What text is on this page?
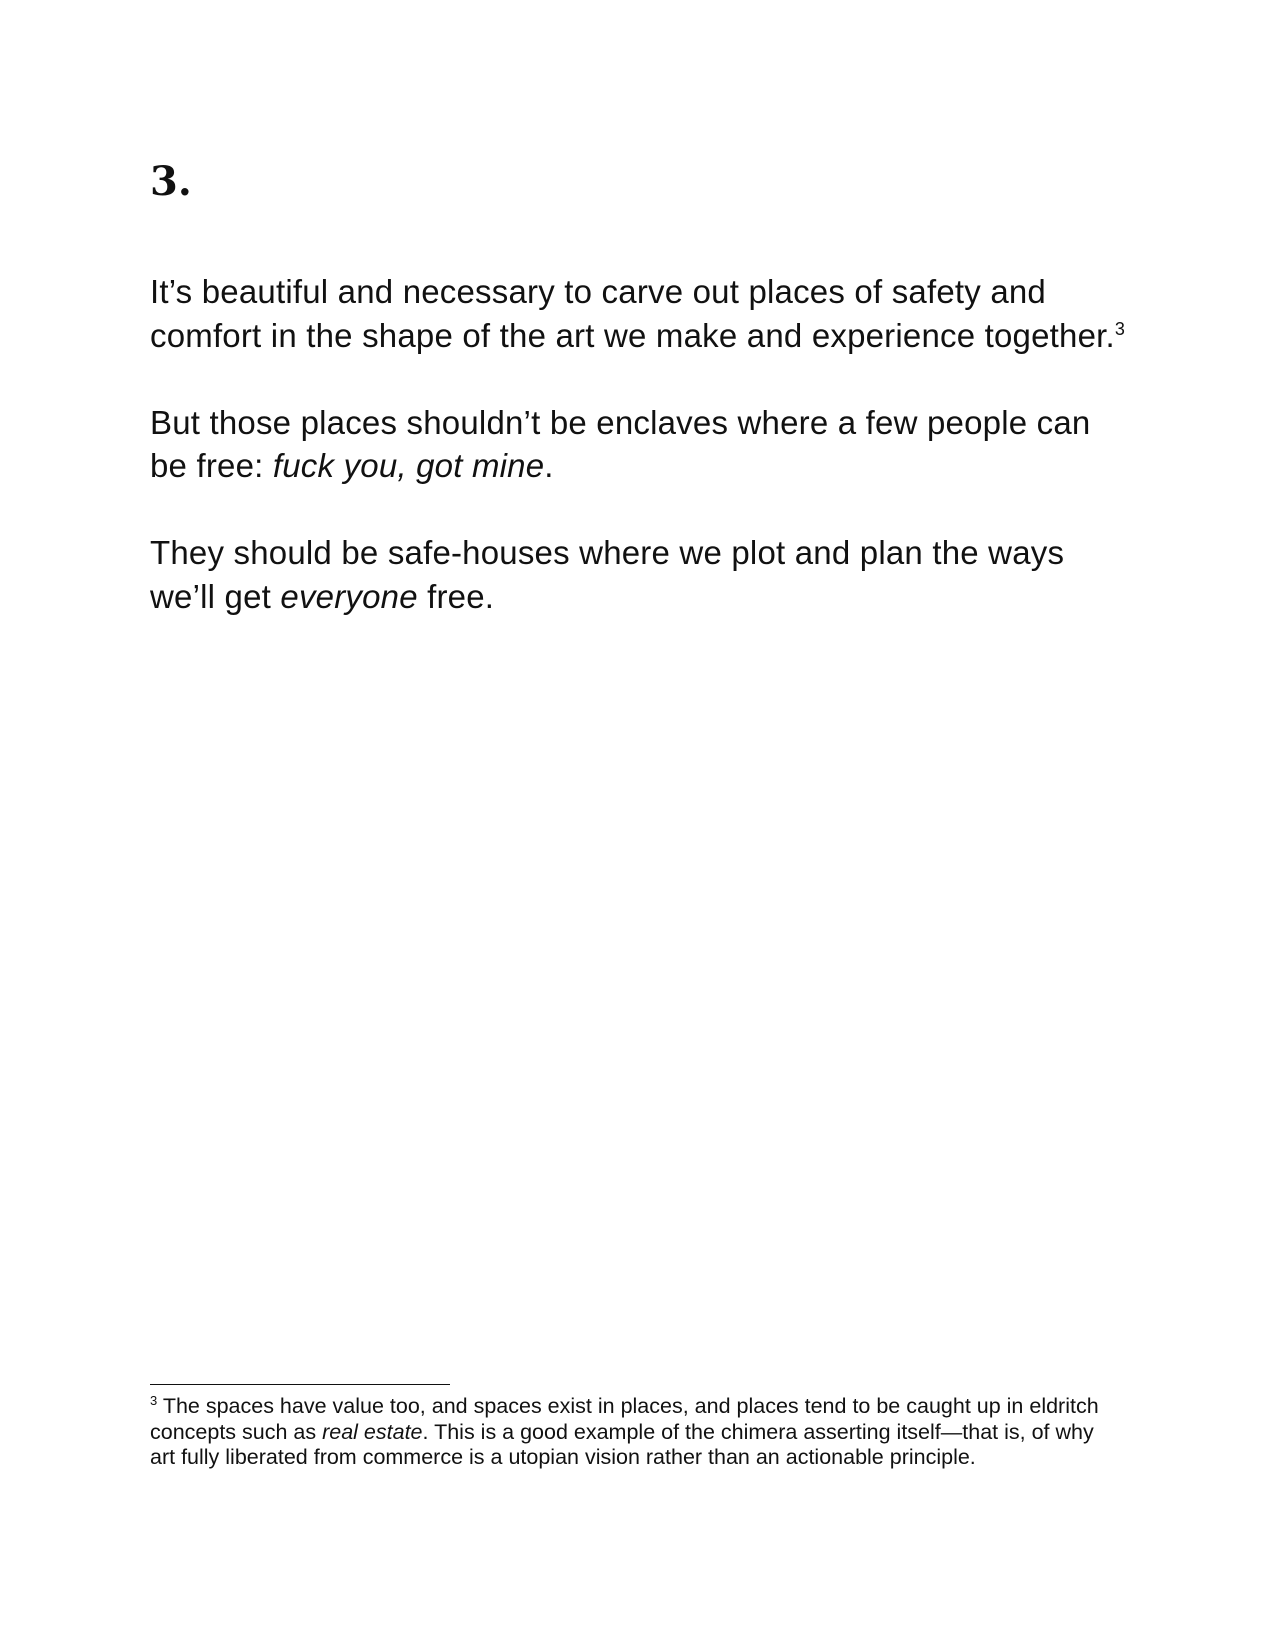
3.

It’s beautiful and necessary to carve out places of safety and comfort in the shape of the art we make and experience together.$^3$

But those places shouldn’t be enclaves where a few people can be free: fuck you, got mine.

They should be safe-houses where we plot and plan the ways we’ll get everyone free.

$^3$ The spaces have value too, and spaces exist in places, and places tend to be caught up in eldritch concepts such as real estate. This is a good example of the chimera asserting itself—that is, of why art fully liberated from commerce is a utopian vision rather than an actionable principle.
